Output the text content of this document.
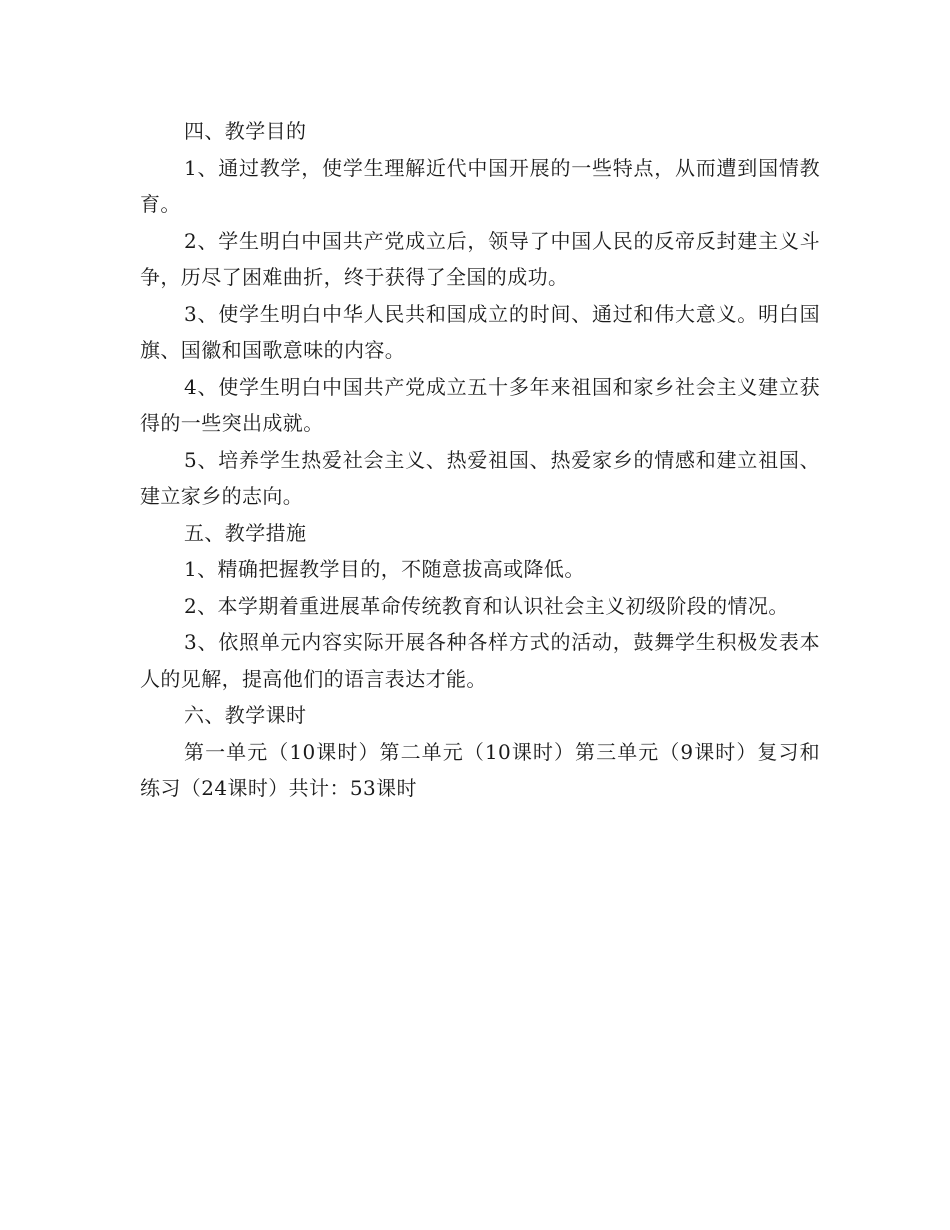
四、教学目的

1、通过教学，使学生理解近代中国开展的一些特点，从而遭到国情教育。

2、学生明白中国共产党成立后，领导了中国人民的反帝反封建主义斗争，历尽了困难曲折，终于获得了全国的成功。

3、使学生明白中华人民共和国成立的时间、通过和伟大意义。明白国旗、国徽和国歌意味的内容。

4、使学生明白中国共产党成立五十多年来祖国和家乡社会主义建立获得的一些突出成就。

5、培养学生热爱社会主义、热爱祖国、热爱家乡的情感和建立祖国、建立家乡的志向。

五、教学措施

1、精确把握教学目的，不随意拔高或降低。

2、本学期着重进展革命传统教育和认识社会主义初级阶段的情况。

3、依照单元内容实际开展各种各样方式的活动，鼓舞学生积极发表本人的见解，提高他们的语言表达才能。

六、教学课时

第一单元（10课时）第二单元（10课时）第三单元（9课时）复习和练习（24课时）共计：53课时
